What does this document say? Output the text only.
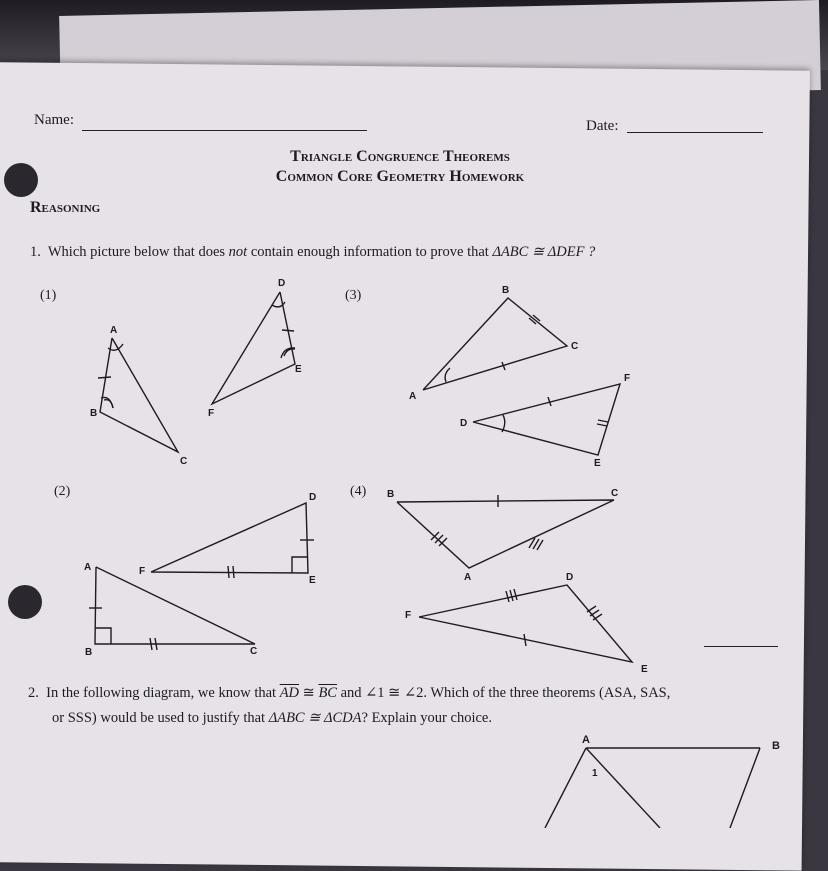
Name:	Date:
Triangle Congruence Theorems
Common Core Geometry Homework
Reasoning
1. Which picture below that does not contain enough information to prove that ΔABC ≅ ΔDEF ?
(1)	(3)
(2)	(4)
A
B
C
D
E
F
A
B
C
D
E
F
A
B	C
D
E
F
A
B	C
D
E
F
2. In the following diagram, we know that $\overline{AD}$ ≅ $\overline{BC}$ and ∠1 ≅ ∠2. Which of the three theorems (ASA, SAS,
or SSS) would be used to justify that ΔABC ≅ ΔCDA? Explain your choice.
A	B
1
